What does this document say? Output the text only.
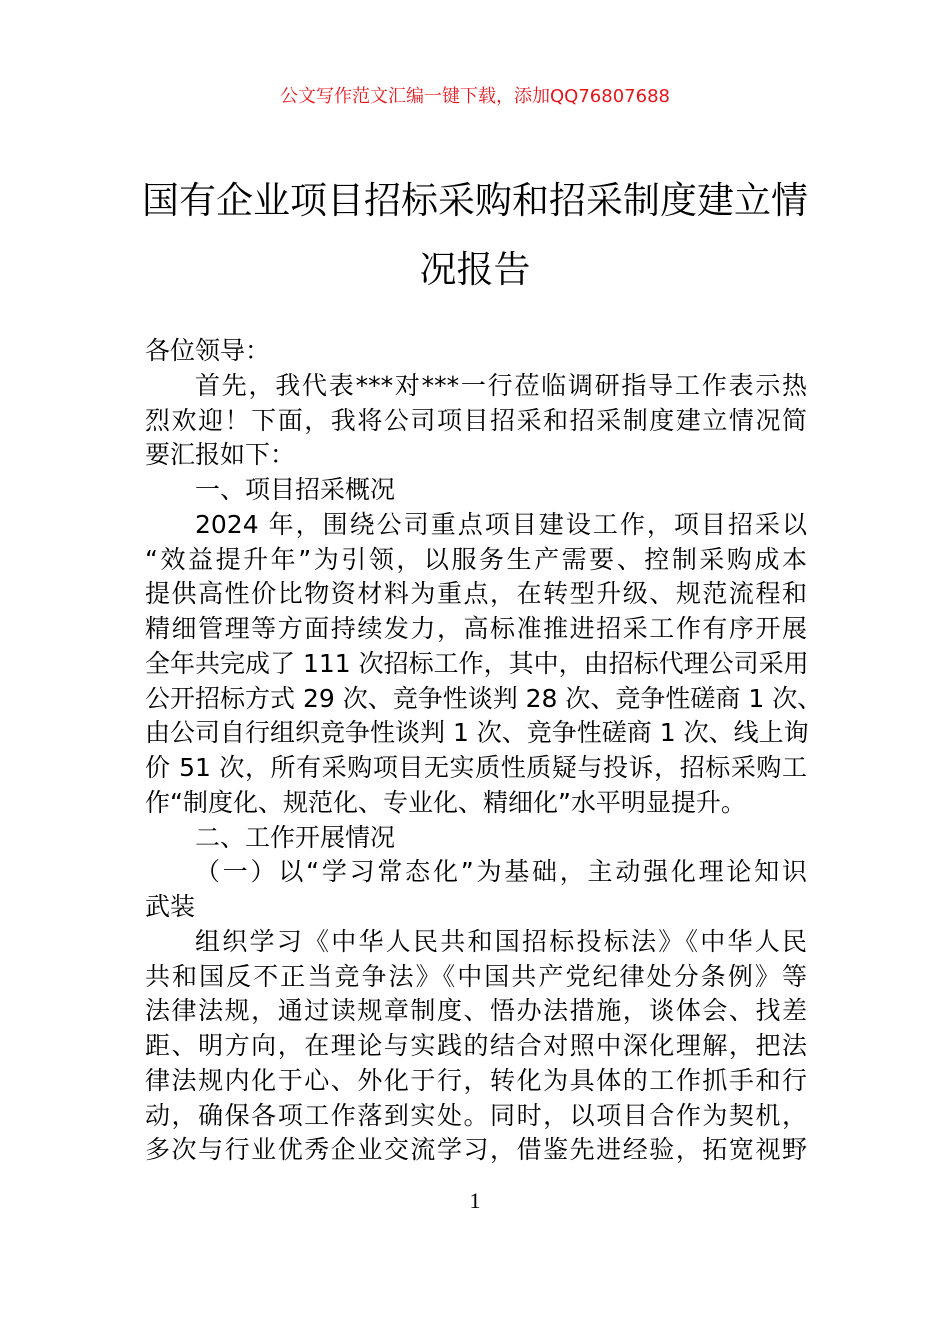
公文写作范文汇编一键下载，添加QQ76807688
国有企业项目招标采购和招采制度建立情况报告
各位领导：
首先，我代表***对***一行莅临调研指导工作表示热
烈欢迎！下面，我将公司项目招采和招采制度建立情况简
要汇报如下：
一、项目招采概况
2024 年，围绕公司重点项目建设工作，项目招采以
“效益提升年”为引领，以服务生产需要、控制采购成本
提供高性价比物资材料为重点，在转型升级、规范流程和
精细管理等方面持续发力，高标准推进招采工作有序开展
全年共完成了 111 次招标工作，其中，由招标代理公司采用
公开招标方式 29 次、竞争性谈判 28 次、竞争性磋商 1 次、
由公司自行组织竞争性谈判 1 次、竞争性磋商 1 次、线上询
价 51 次，所有采购项目无实质性质疑与投诉，招标采购工
作“制度化、规范化、专业化、精细化”水平明显提升。
二、工作开展情况
（一）以“学习常态化”为基础，主动强化理论知识
武装
组织学习《中华人民共和国招标投标法》《中华人民
共和国反不正当竞争法》《中国共产党纪律处分条例》等
法律法规，通过读规章制度、悟办法措施，谈体会、找差
距、明方向，在理论与实践的结合对照中深化理解，把法
律法规内化于心、外化于行，转化为具体的工作抓手和行
动，确保各项工作落到实处。同时，以项目合作为契机，
多次与行业优秀企业交流学习，借鉴先进经验，拓宽视野
1
